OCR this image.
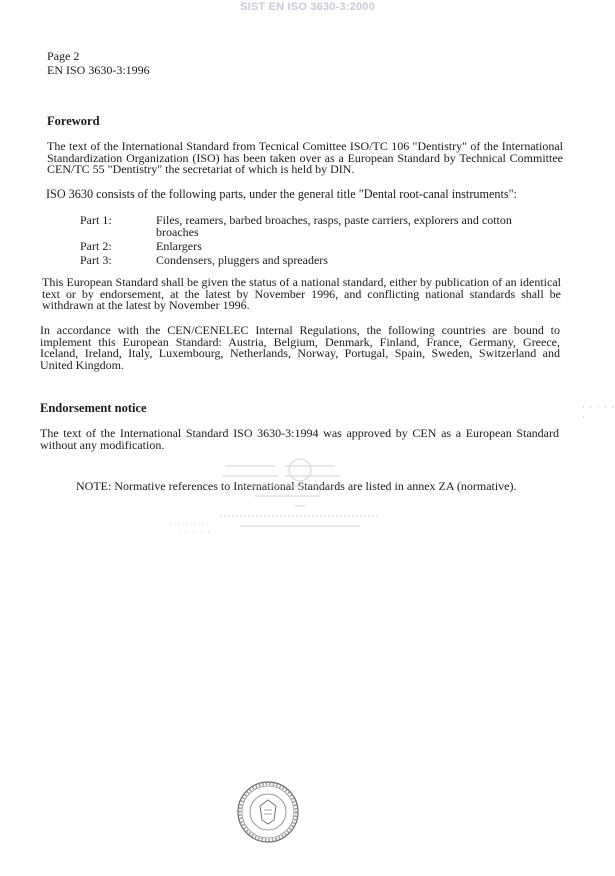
SIST EN ISO 3630-3:2000
Page 2
EN ISO 3630-3:1996
Foreword
The text of the International Standard from Tecnical Comittee ISO/TC 106 "Dentistry" of the International Standardization Organization (ISO) has been taken over as a European Standard by Technical Committee CEN/TC 55 "Dentistry" the secretariat of which is held by DIN.
ISO 3630 consists of the following parts, under the general title "Dental root-canal instruments":
Part 1:	Files, reamers, barbed broaches, rasps, paste carriers, explorers and cotton broaches
Part 2:	Enlargers
Part 3:	Condensers, pluggers and spreaders
This European Standard shall be given the status of a national standard, either by publication of an identical text or by endorsement, at the latest by November 1996, and conflicting national standards shall be withdrawn at the latest by November 1996.
In accordance with the CEN/CENELEC Internal Regulations, the following countries are bound to implement this European Standard: Austria, Belgium, Denmark, Finland, France, Germany, Greece, Iceland, Ireland, Italy, Luxembourg, Netherlands, Norway, Portugal, Spain, Sweden, Switzerland and United Kingdom.
Endorsement notice
The text of the International Standard ISO 3630-3:1994 was approved by CEN as a European Standard without any modification.
NOTE: Normative references to International Standards are listed in annex ZA (normative).
· · · · · ·
